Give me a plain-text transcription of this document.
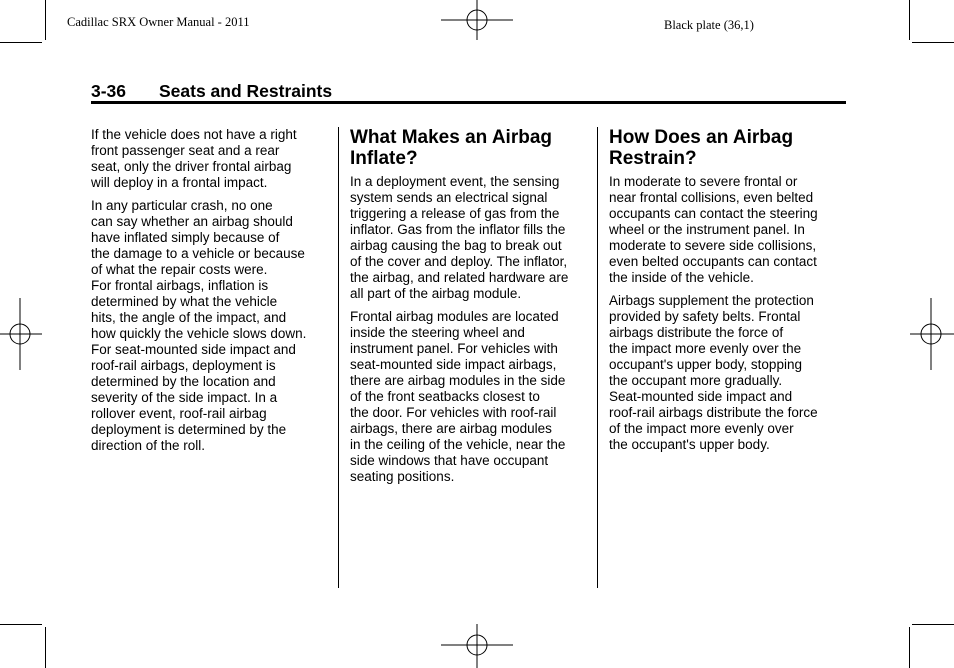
Cadillac SRX Owner Manual - 2011	Black plate (36,1)
3-36 Seats and Restraints

If the vehicle does not have a right
front passenger seat and a rear
seat, only the driver frontal airbag
will deploy in a frontal impact.

In any particular crash, no one
can say whether an airbag should
have inflated simply because of
the damage to a vehicle or because
of what the repair costs were.

For frontal airbags, inflation is
determined by what the vehicle
hits, the angle of the impact, and
how quickly the vehicle slows down.
For seat-mounted side impact and
roof-rail airbags, deployment is
determined by the location and
severity of the side impact. In a
rollover event, roof-rail airbag
deployment is determined by the
direction of the roll.

What Makes an Airbag
Inflate?

In a deployment event, the sensing
system sends an electrical signal
triggering a release of gas from the
inflator. Gas from the inflator fills the
airbag causing the bag to break out
of the cover and deploy. The inflator,
the airbag, and related hardware are
all part of the airbag module.

Frontal airbag modules are located
inside the steering wheel and
instrument panel. For vehicles with
seat-mounted side impact airbags,
there are airbag modules in the side
of the front seatbacks closest to
the door. For vehicles with roof-rail
airbags, there are airbag modules
in the ceiling of the vehicle, near the
side windows that have occupant
seating positions.

How Does an Airbag
Restrain?

In moderate to severe frontal or
near frontal collisions, even belted
occupants can contact the steering
wheel or the instrument panel. In
moderate to severe side collisions,
even belted occupants can contact
the inside of the vehicle.

Airbags supplement the protection
provided by safety belts. Frontal
airbags distribute the force of
the impact more evenly over the
occupant's upper body, stopping
the occupant more gradually.

Seat-mounted side impact and
roof-rail airbags distribute the force
of the impact more evenly over
the occupant's upper body.
